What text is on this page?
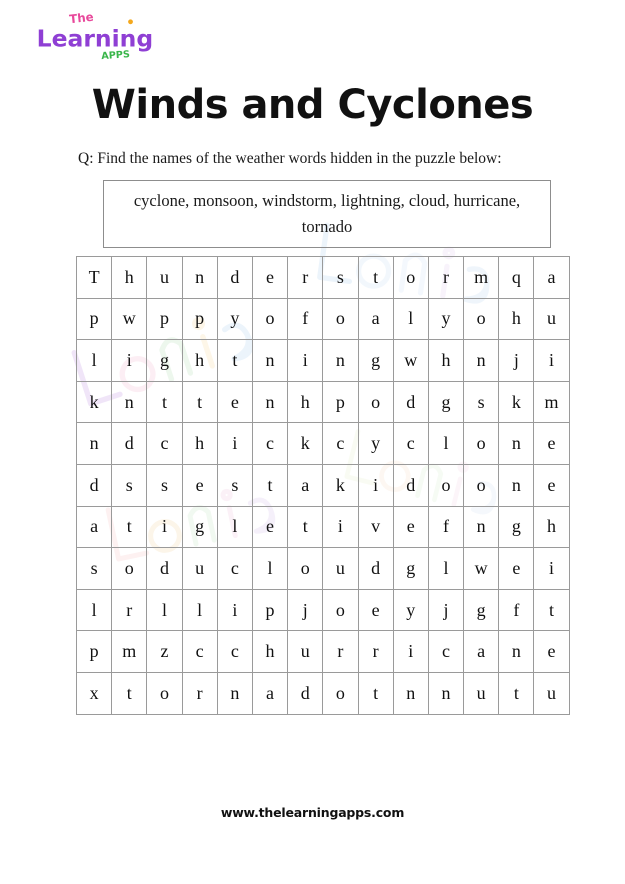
The
Learning
APPS
Winds and Cyclones
Q: Find the names of the weather words hidden in the puzzle below:
cyclone, monsoon, windstorm, lightning, cloud, hurricane, tornado
T	h	u	n	d	e	r	s	t	o	r	m	q	a
p	w	p	p	y	o	f	o	a	l	y	o	h	u
l	i	g	h	t	n	i	n	g	w	h	n	j	i
k	n	t	t	e	n	h	p	o	d	g	s	k	m
n	d	c	h	i	c	k	c	y	c	l	o	n	e
d	s	s	e	s	t	a	k	i	d	o	o	n	e
a	t	i	g	l	e	t	i	v	e	f	n	g	h
s	o	d	u	c	l	o	u	d	g	l	w	e	i
l	r	l	l	i	p	j	o	e	y	j	g	f	t
p	m	z	c	c	h	u	r	r	i	c	a	n	e
x	t	o	r	n	a	d	o	t	n	n	u	t	u
www.thelearningapps.com
